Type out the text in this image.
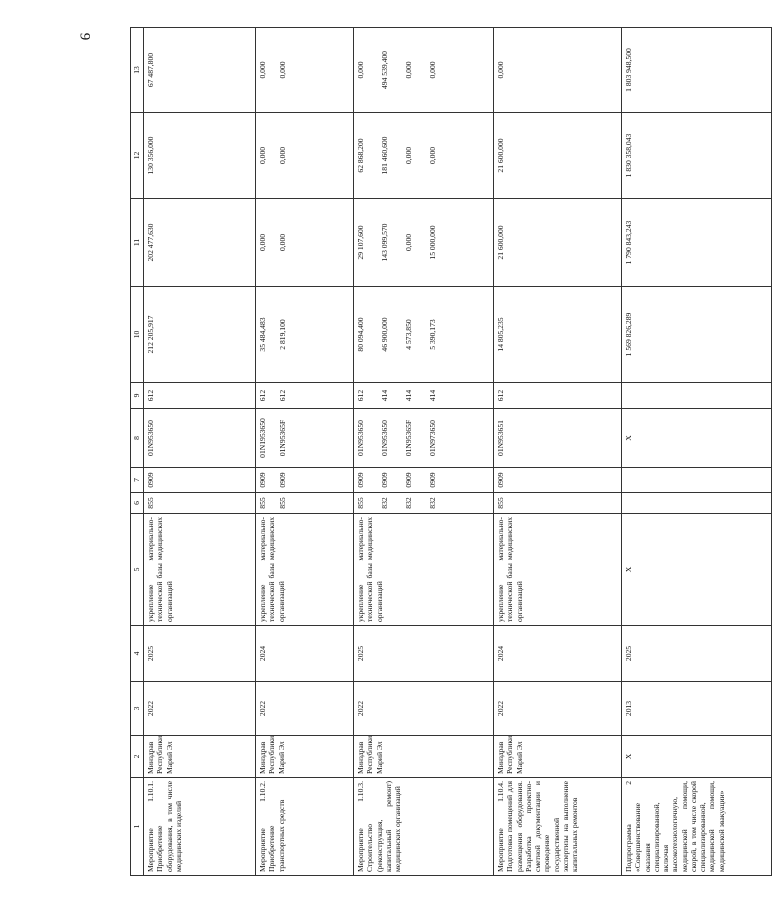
9
1	2	3	4	5	6	7	8	9	10	11	12	13
Мероприятие 1.10.1. Приобретение оборудования, в том числе медицинских изделий	Минздрав Республики Марий Эл	2022	2025	укрепление материально-технической базы медицинских организаций	855	0909	01N953650	612	212 205,917	202 477,630	130 356,000	67 487,800

Мероприятие 1.10.2. Приобретение транспортных средств	Минздрав Республики Марий Эл	2022	2024	укрепление материально-технической базы медицинских организаций	855 855	0909 0909	01N1953650 01N95365F	612 612	35 484,483 2 819,100	0,000 0,000	0,000 0,000	0,000 0,000

Мероприятие 1.10.3. Строительство (реконструкция, капитальный ремонт) медицинских организаций	Минздрав Республики Марий Эл	2022	2025	укрепление материально-технической базы медицинских организаций	855 832 832 832	0909 0909 0909 0909	01N953650 01N953650 01N95365F 01N973650	612 414 414 414	80 094,400 46 900,000 4 573,850 5 390,173	29 107,600 143 099,570 0,000 15 000,000	62 868,200 181 460,600 0,000 0,000	0,000 494 539,400 0,000 0,000

Мероприятие 1.10.4. Подготовка помещений для размещения оборудования. Разработка проектно-сметной документации и проведение государственной экспертизы на выполнение капитальных ремонтов	Минздрав Республики Марий Эл	2022	2024	укрепление материально-технической базы медицинских организаций	855	0909	01N953651	612	14 805,235	21 600,000	21 600,000	0,000

Подпрограмма 2 «Совершенствование оказания специализированной, включая высокотехнологичную, медицинской помощи, скорой, в том числе скорой специализированной, медицинской помощи, медицинской эвакуации»	X	2013	2025	X			X		1 569 826,289	1 790 843,243	1 830 358,043	1 803 948,500
